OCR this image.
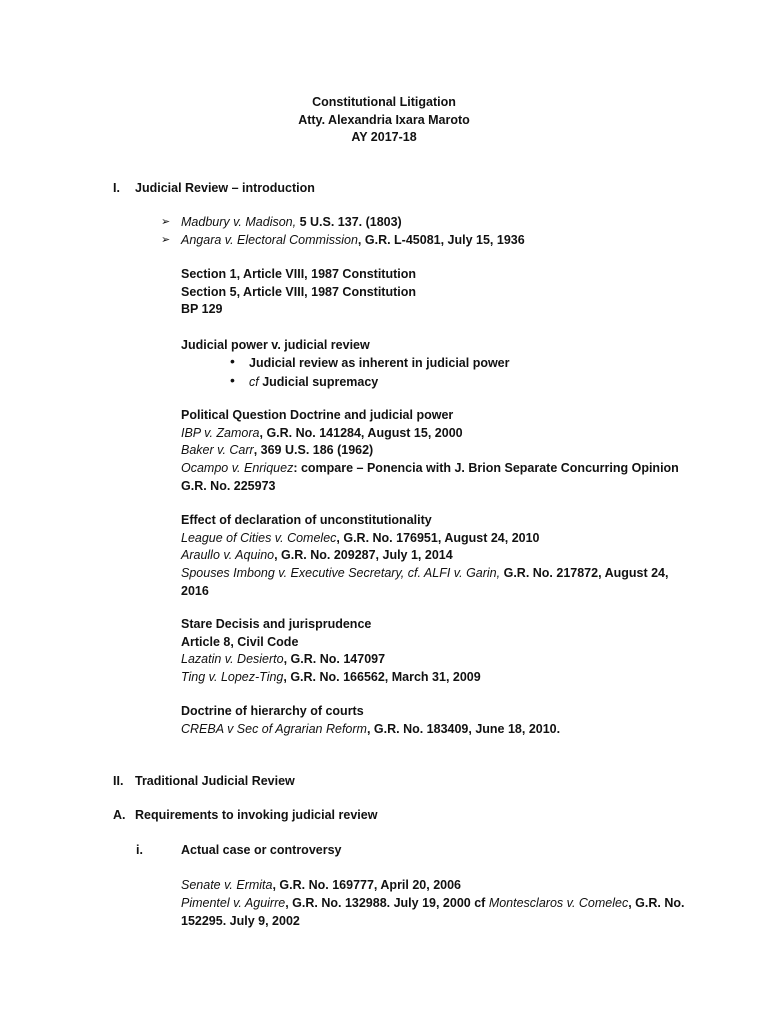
Constitutional Litigation
Atty. Alexandria Ixara Maroto
AY 2017-18
I. Judicial Review – introduction
➢ Madbury v. Madison, 5 U.S. 137. (1803)
➢ Angara v. Electoral Commission, G.R. L-45081, July 15, 1936
Section 1, Article VIII, 1987 Constitution
Section 5, Article VIII, 1987 Constitution
BP 129
Judicial power v. judicial review
• Judicial review as inherent in judicial power
• cf Judicial supremacy
Political Question Doctrine and judicial power
IBP v. Zamora, G.R. No. 141284, August 15, 2000
Baker v. Carr, 369 U.S. 186 (1962)
Ocampo v. Enriquez: compare – Ponencia with J. Brion Separate Concurring Opinion G.R. No. 225973
Effect of declaration of unconstitutionality
League of Cities v. Comelec, G.R. No. 176951, August 24, 2010
Araullo v. Aquino, G.R. No. 209287, July 1, 2014
Spouses Imbong v. Executive Secretary, cf. ALFI v. Garin, G.R. No. 217872, August 24, 2016
Stare Decisis and jurisprudence
Article 8, Civil Code
Lazatin v. Desierto, G.R. No. 147097
Ting v. Lopez-Ting, G.R. No. 166562, March 31, 2009
Doctrine of hierarchy of courts
CREBA v Sec of Agrarian Reform, G.R. No. 183409, June 18, 2010.
II. Traditional Judicial Review
A. Requirements to invoking judicial review
i.	Actual case or controversy
Senate v. Ermita, G.R. No. 169777, April 20, 2006
Pimentel v. Aguirre, G.R. No. 132988. July 19, 2000 cf Montesclaros v. Comelec, G.R. No. 152295. July 9, 2002
